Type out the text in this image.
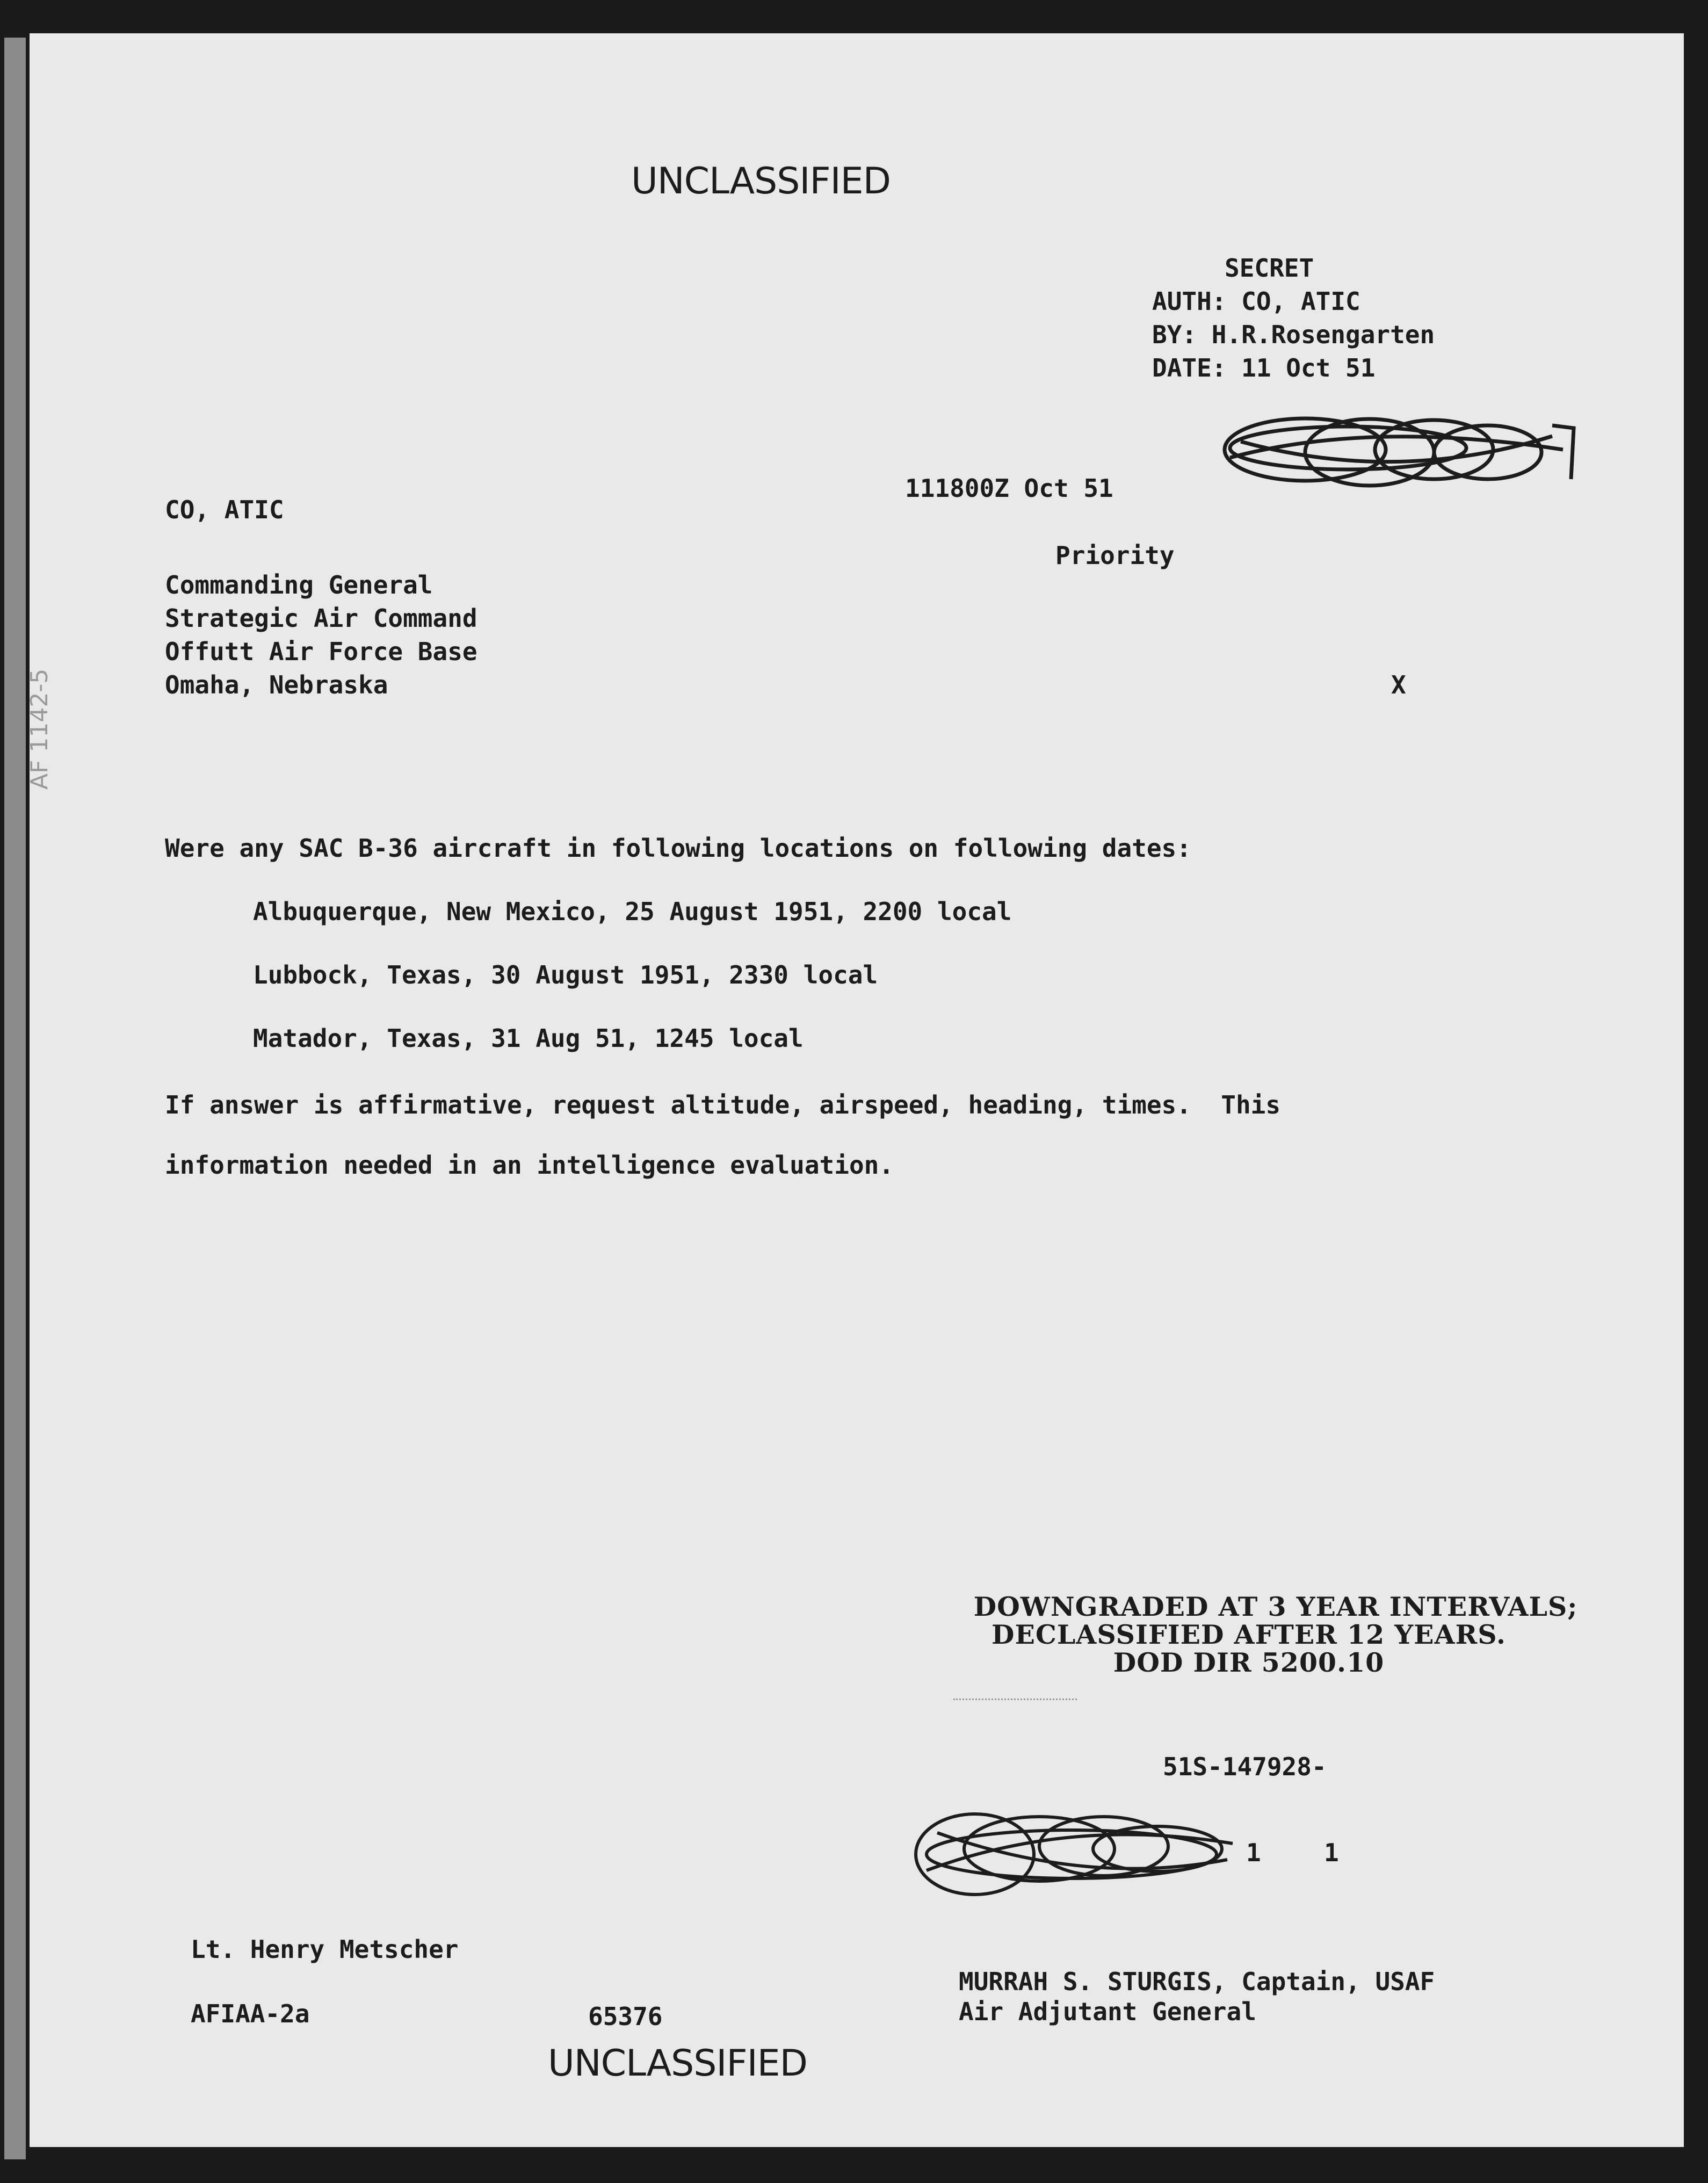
UNCLASSIFIED
SECRET
AUTH: CO, ATIC
BY: H.R.Rosengarten
DATE: 11 Oct 51
CO, ATIC
111800Z Oct 51
Priority
Commanding General
Strategic Air Command
Offutt Air Force Base
Omaha, Nebraska	X
Were any SAC B-36 aircraft in following locations on following dates:
Albuquerque, New Mexico, 25 August 1951, 2200 local
Lubbock, Texas, 30 August 1951, 2330 local
Matador, Texas, 31 Aug 51, 1245 local
If answer is affirmative, request altitude, airspeed, heading, times.  This
information needed in an intelligence evaluation.
DOWNGRADED AT 3 YEAR INTERVALS;
DECLASSIFIED AFTER 12 YEARS.
DOD DIR 5200.10
51S-147928-
1	1
Lt. Henry Metscher
AFIAA-2a	65376
MURRAH S. STURGIS, Captain, USAF
Air Adjutant General
UNCLASSIFIED
AF 1142-5
